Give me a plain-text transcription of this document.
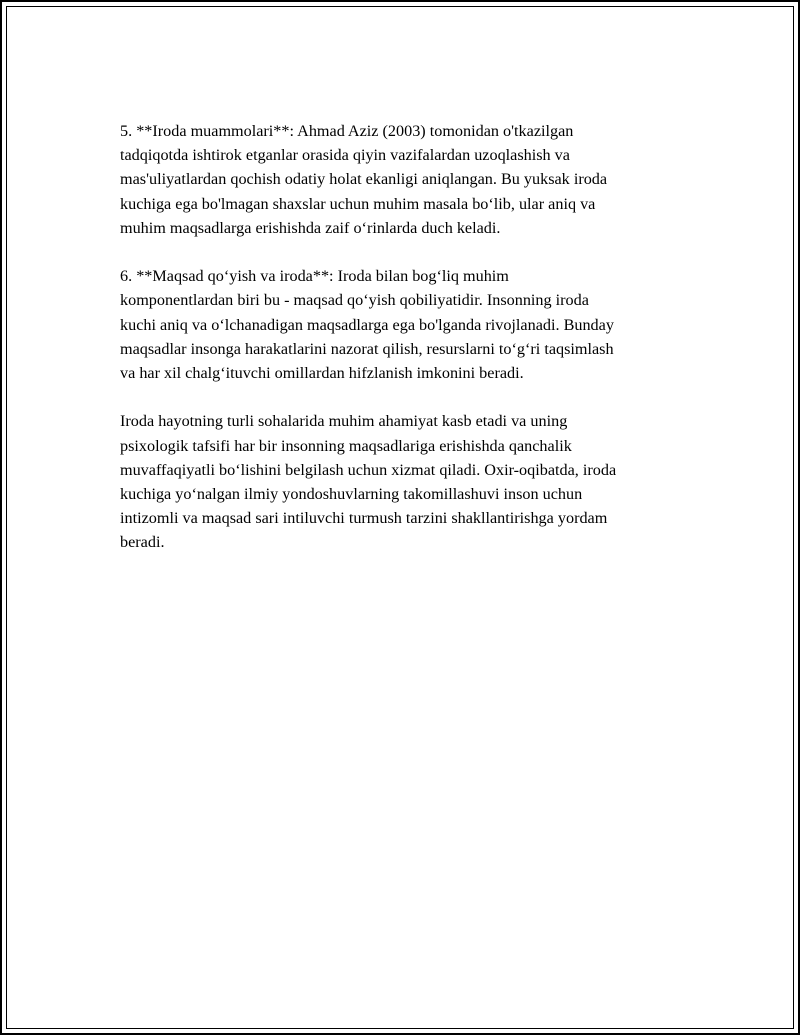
5. **Iroda muammolari**: Ahmad Aziz (2003) tomonidan o'tkazilgan
tadqiqotda ishtirok etganlar orasida qiyin vazifalardan uzoqlashish va
mas'uliyatlardan qochish odatiy holat ekanligi aniqlangan. Bu yuksak iroda
kuchiga ega bo'lmagan shaxslar uchun muhim masala bo‘lib, ular aniq va
muhim maqsadlarga erishishda zaif o‘rinlarda duch keladi.

6. **Maqsad qo‘yish va iroda**: Iroda bilan bog‘liq muhim
komponentlardan biri bu - maqsad qo‘yish qobiliyatidir. Insonning iroda
kuchi aniq va o‘lchanadigan maqsadlarga ega bo'lganda rivojlanadi. Bunday
maqsadlar insonga harakatlarini nazorat qilish, resurslarni to‘g‘ri taqsimlash
va har xil chalg‘ituvchi omillardan hifzlanish imkonini beradi.

Iroda hayotning turli sohalarida muhim ahamiyat kasb etadi va uning
psixologik tafsifi har bir insonning maqsadlariga erishishda qanchalik
muvaffaqiyatli bo‘lishini belgilash uchun xizmat qiladi. Oxir-oqibatda, iroda
kuchiga yo‘nalgan ilmiy yondoshuvlarning takomillashuvi inson uchun
intizomli va maqsad sari intiluvchi turmush tarzini shakllantirishga yordam
beradi.
